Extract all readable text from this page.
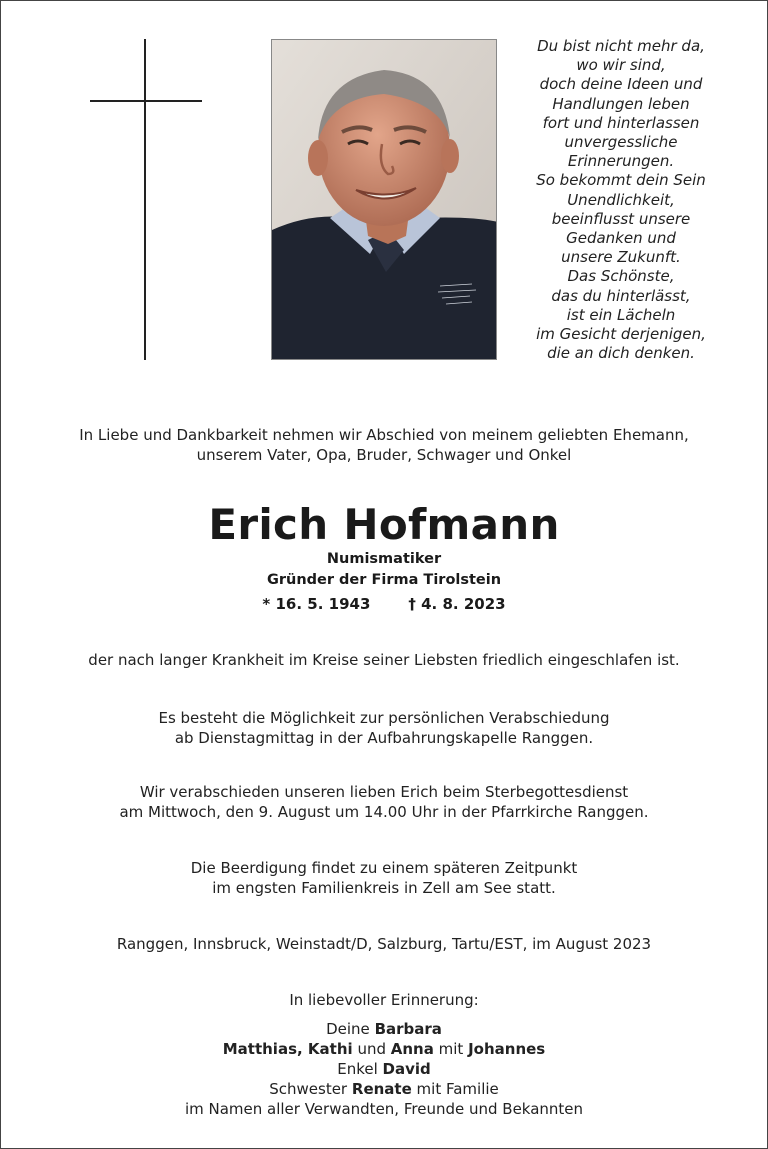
Du bist nicht mehr da,
wo wir sind,
doch deine Ideen und
Handlungen leben
fort und hinterlassen
unvergessliche
Erinnerungen.
So bekommt dein Sein
Unendlichkeit,
beeinflusst unsere
Gedanken und
unsere Zukunft.
Das Schönste,
das du hinterlässt,
ist ein Lächeln
im Gesicht derjenigen,
die an dich denken.
In Liebe und Dankbarkeit nehmen wir Abschied von meinem geliebten Ehemann,
unserem Vater, Opa, Bruder, Schwager und Onkel
Erich Hofmann
Numismatiker
Gründer der Firma Tirolstein
* 16. 5. 1943	† 4. 8. 2023
der nach langer Krankheit im Kreise seiner Liebsten friedlich eingeschlafen ist.
Es besteht die Möglichkeit zur persönlichen Verabschiedung
ab Dienstagmittag in der Aufbahrungskapelle Ranggen.
Wir verabschieden unseren lieben Erich beim Sterbegottesdienst
am Mittwoch, den 9. August um 14.00 Uhr in der Pfarrkirche Ranggen.
Die Beerdigung findet zu einem späteren Zeitpunkt
im engsten Familienkreis in Zell am See statt.
Ranggen, Innsbruck, Weinstadt/D, Salzburg, Tartu/EST, im August 2023
In liebevoller Erinnerung:
Deine Barbara
Matthias, Kathi und Anna mit Johannes
Enkel David
Schwester Renate mit Familie
im Namen aller Verwandten, Freunde und Bekannten
